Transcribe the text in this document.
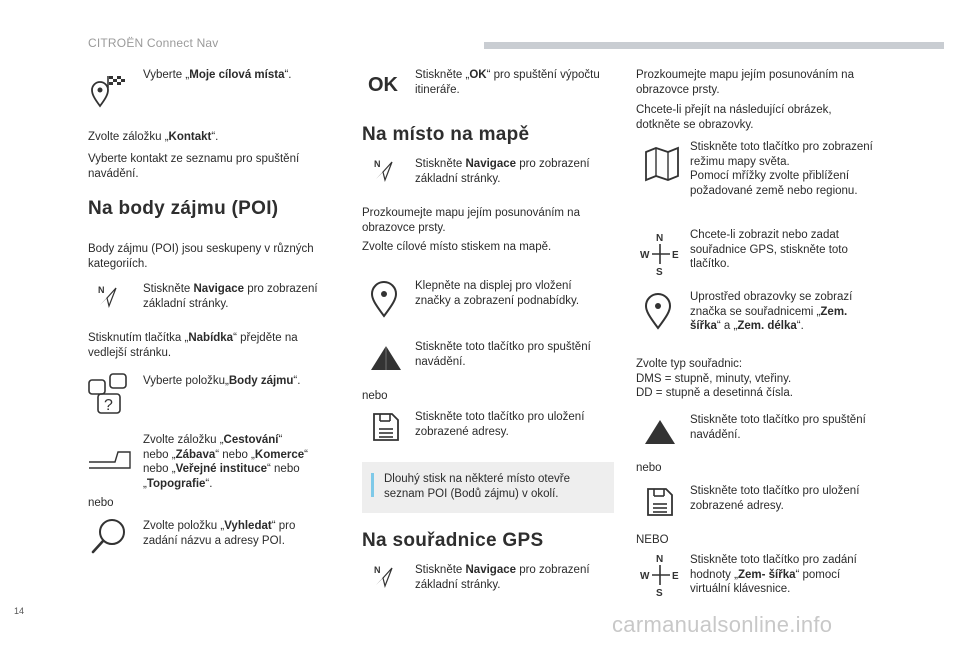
CITROËN Connect Nav
Vyberte „Moje cílová místa“.
Zvolte záložku „Kontakt“.
Vyberte kontakt ze seznamu pro spuštění
navádění.
Na body zájmu (POI)
Body zájmu (POI) jsou seskupeny v různých
kategoriích.
N	Stiskněte Navigace pro zobrazení
základní stránky.
Stisknutím tlačítka „Nabídka“ přejděte na
vedlejší stránku.
?
Vyberte položku„Body zájmu“.
Zvolte záložku „Cestování“
nebo „Zábava“ nebo „Komerce“
nebo „Veřejné instituce“ nebo
„Topografie“.
nebo
Zvolte položku „Vyhledat“ pro
zadání názvu a adresy POI.
OK Stiskněte „OK“ pro spuštění výpočtu
itineráře.
Na místo na mapě
N	Stiskněte Navigace pro zobrazení
základní stránky.
Prozkoumejte mapu jejím posunováním na
obrazovce prsty.
Zvolte cílové místo stiskem na mapě.
Klepněte na displej pro vložení
značky a zobrazení podnabídky.
Stiskněte toto tlačítko pro spuštění
navádění.
nebo
Stiskněte toto tlačítko pro uložení
zobrazené adresy.
Dlouhý stisk na některé místo otevře
seznam POI (Bodů zájmu) v okolí.
Na souřadnice GPS
N	Stiskněte Navigace pro zobrazení
základní stránky.
Prozkoumejte mapu jejím posunováním na
obrazovce prsty.
Chcete-li přejít na následující obrázek,
dotkněte se obrazovky.
Stiskněte toto tlačítko pro zobrazení
režimu mapy světa.
Pomocí mřížky zvolte přiblížení
požadované země nebo regionu.
N
W E
S
Chcete-li zobrazit nebo zadat
souřadnice GPS, stiskněte toto
tlačítko.
Uprostřed obrazovky se zobrazí
značka se souřadnicemi „Zem.
šířka“ a „Zem. délka“.
Zvolte typ souřadnic:
DMS = stupně, minuty, vteřiny.
DD = stupně a desetinná čísla.
Stiskněte toto tlačítko pro spuštění
navádění.
nebo
Stiskněte toto tlačítko pro uložení
zobrazené adresy.
NEBO
N
W E
S
Stiskněte toto tlačítko pro zadání
hodnoty „Zem- šířka“ pomocí
virtuální klávesnice.
14
carmanualsonline.info
